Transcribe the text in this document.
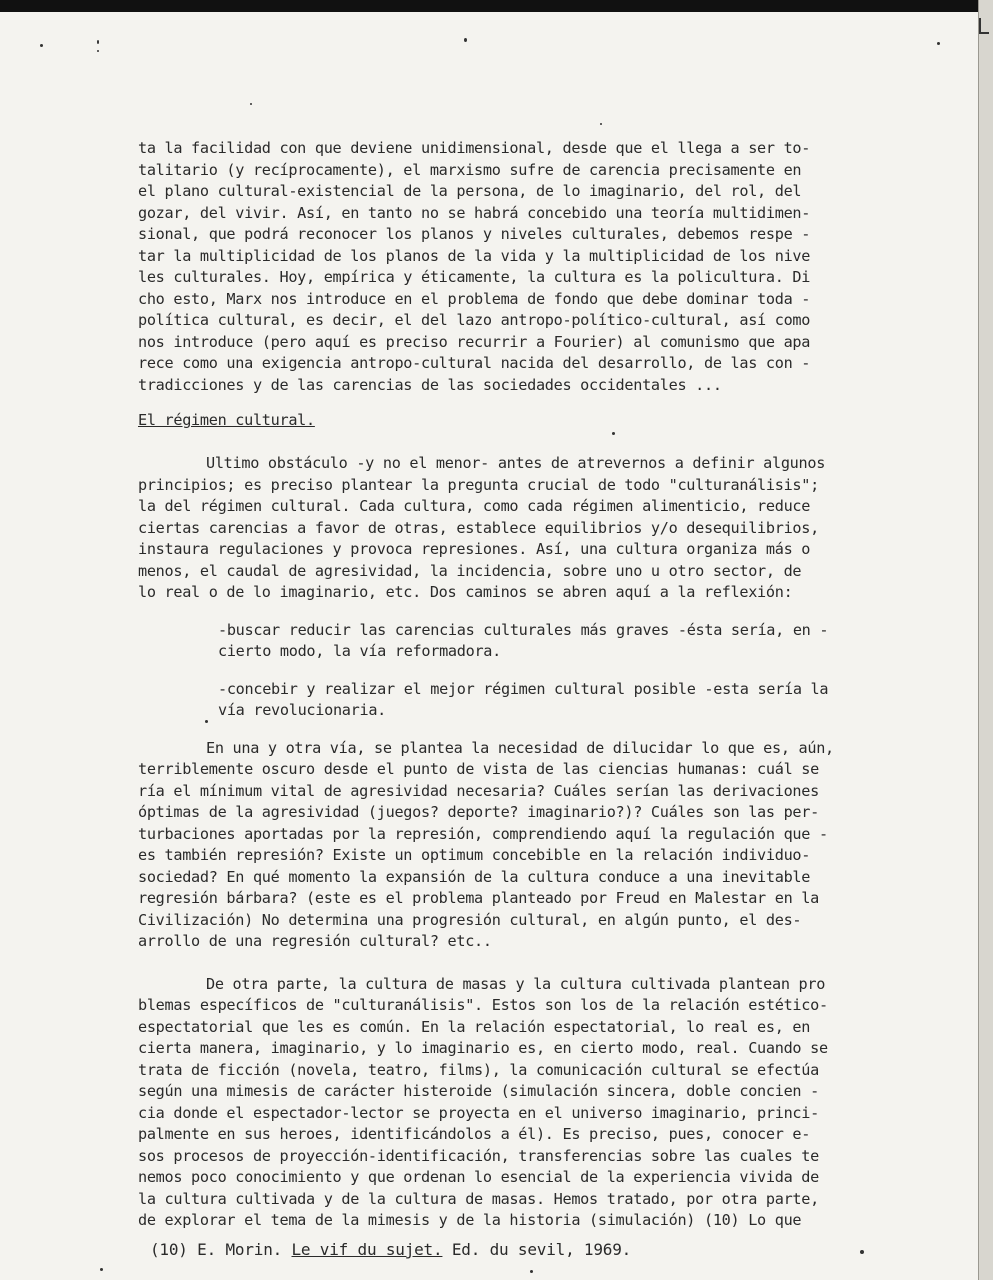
ta la facilidad con que deviene unidimensional, desde que el llega a ser to-
talitario (y recíprocamente), el marxismo sufre de carencia precisamente en
el plano cultural-existencial de la persona, de lo imaginario, del rol, del
gozar, del vivir. Así, en tanto no se habrá concebido una teoría multidimen-
sional, que podrá reconocer los planos y niveles culturales, debemos respe -
tar la multiplicidad de los planos de la vida y la multiplicidad de los nive
les culturales. Hoy, empírica y éticamente, la cultura es la policultura. Di
cho esto, Marx nos introduce en el problema de fondo que debe dominar toda -
política cultural, es decir, el del lazo antropo-político-cultural, así como
nos introduce (pero aquí es preciso recurrir a Fourier) al comunismo que apa
rece como una exigencia antropo-cultural nacida del desarrollo, de las con -
tradicciones y de las carencias de las sociedades occidentales ...
El régimen cultural.
Ultimo obstáculo -y no el menor- antes de atrevernos a definir algunos
principios; es preciso plantear la pregunta crucial de todo "culturanálisis";
la del régimen cultural. Cada cultura, como cada régimen alimenticio, reduce
ciertas carencias a favor de otras, establece equilibrios y/o desequilibrios,
instaura regulaciones y provoca represiones. Así, una cultura organiza más o
menos, el caudal de agresividad, la incidencia, sobre uno u otro sector, de
lo real o de lo imaginario, etc. Dos caminos se abren aquí a la reflexión:
-buscar reducir las carencias culturales más graves -ésta sería, en -
cierto modo, la vía reformadora.
-concebir y realizar el mejor régimen cultural posible -esta sería la
vía revolucionaria.
En una y otra vía, se plantea la necesidad de dilucidar lo que es, aún,
terriblemente oscuro desde el punto de vista de las ciencias humanas: cuál se
ría el mínimum vital de agresividad necesaria? Cuáles serían las derivaciones
óptimas de la agresividad (juegos? deporte? imaginario?)? Cuáles son las per-
turbaciones aportadas por la represión, comprendiendo aquí la regulación que -
es también represión? Existe un optimum concebible en la relación individuo-
sociedad? En qué momento la expansión de la cultura conduce a una inevitable
regresión bárbara? (este es el problema planteado por Freud en Malestar en la
Civilización) No determina una progresión cultural, en algún punto, el des-
arrollo de una regresión cultural? etc..
De otra parte, la cultura de masas y la cultura cultivada plantean pro
blemas específicos de "culturanálisis". Estos son los de la relación estético-
espectatorial que les es común. En la relación espectatorial, lo real es, en
cierta manera, imaginario, y lo imaginario es, en cierto modo, real. Cuando se
trata de ficción (novela, teatro, films), la comunicación cultural se efectúa
según una mimesis de carácter histeroide (simulación sincera, doble concien -
cia donde el espectador-lector se proyecta en el universo imaginario, princi-
palmente en sus heroes, identificándolos a él). Es preciso, pues, conocer e-
sos procesos de proyección-identificación, transferencias sobre las cuales te
nemos poco conocimiento y que ordenan lo esencial de la experiencia vivida de
la cultura cultivada y de la cultura de masas. Hemos tratado, por otra parte,
de explorar el tema de la mimesis y de la historia (simulación) (10) Lo que
(10) E. Morin. Le vif du sujet. Ed. du sevil, 1969.
